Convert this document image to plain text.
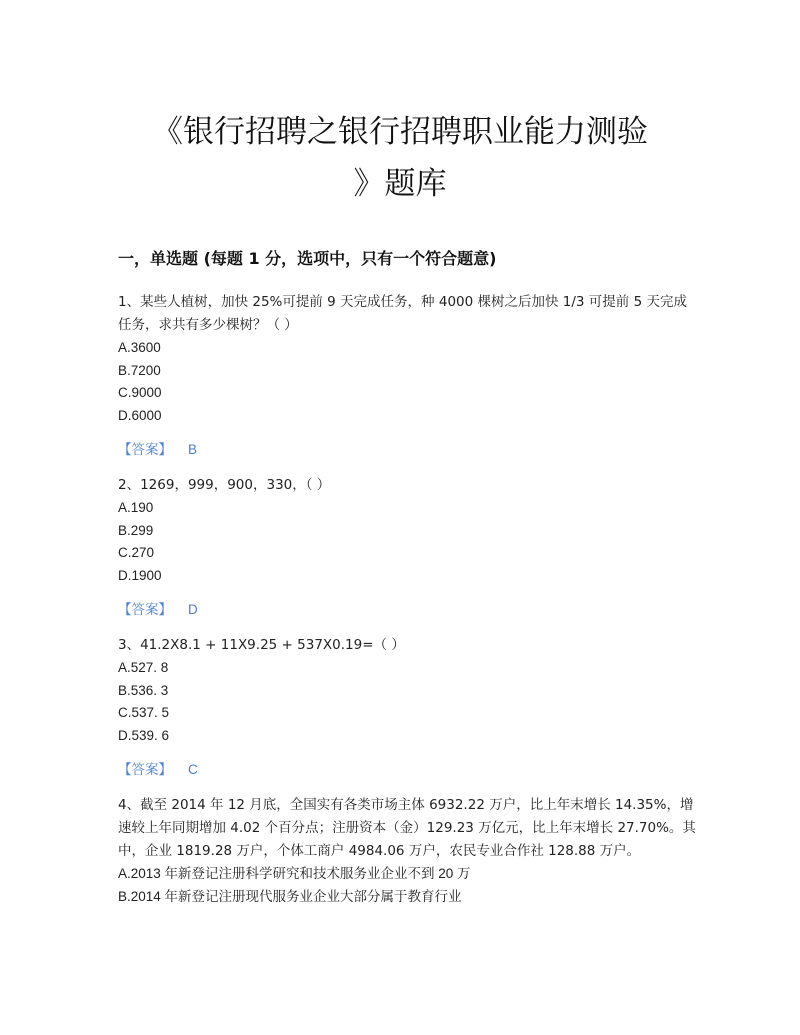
《银行招聘之银行招聘职业能力测验
》题库
一，单选题 (每题 1 分，选项中，只有一个符合题意)
1、某些人植树，加快 25%可提前 9 天完成任务，种 4000 棵树之后加快 1/3 可提前 5 天完成任务，求共有多少棵树？（ ）
A.3600
B.7200
C.9000
D.6000
【答案】 B
2、1269，999，900，330，（ ）
A.190
B.299
C.270
D.1900
【答案】 D
3、41.2X8.1 + 11X9.25 + 537X0.19=（ ）
A.527. 8
B.536. 3
C.537. 5
D.539. 6
【答案】 C
4、截至 2014 年 12 月底，全国实有各类市场主体 6932.22 万户，比上年末增长 14.35%，增速较上年同期增加 4.02 个百分点；注册资本（金）129.23 万亿元，比上年末增长 27.70%。其中，企业 1819.28 万户，个体工商户 4984.06 万户，农民专业合作社 128.88 万户。
A.2013 年新登记注册科学研究和技术服务业企业不到 20 万
B.2014 年新登记注册现代服务业企业大部分属于教育行业
